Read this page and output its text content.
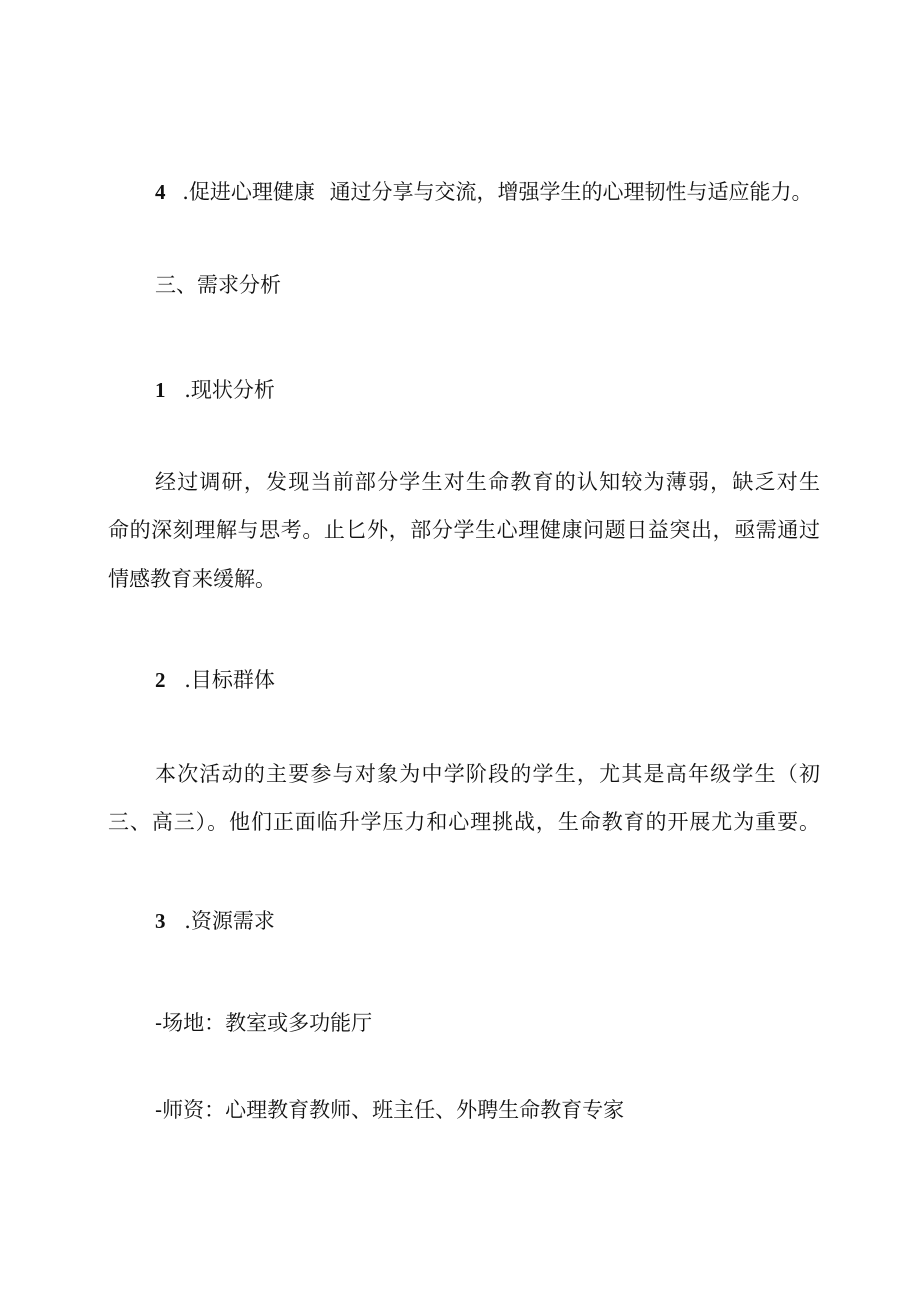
4 .促进心理健康 通过分享与交流，增强学生的心理韧性与适应能力。
三、需求分析
1 .现状分析
经过调研，发现当前部分学生对生命教育的认知较为薄弱，缺乏对生
命的深刻理解与思考。止匕外，部分学生心理健康问题日益突出，亟需通过
情感教育来缓解。
2 .目标群体
本次活动的主要参与对象为中学阶段的学生，尤其是高年级学生（初
三、高三）。他们正面临升学压力和心理挑战，生命教育的开展尤为重要。
3 .资源需求
-场地：教室或多功能厅
-师资：心理教育教师、班主任、外聘生命教育专家
